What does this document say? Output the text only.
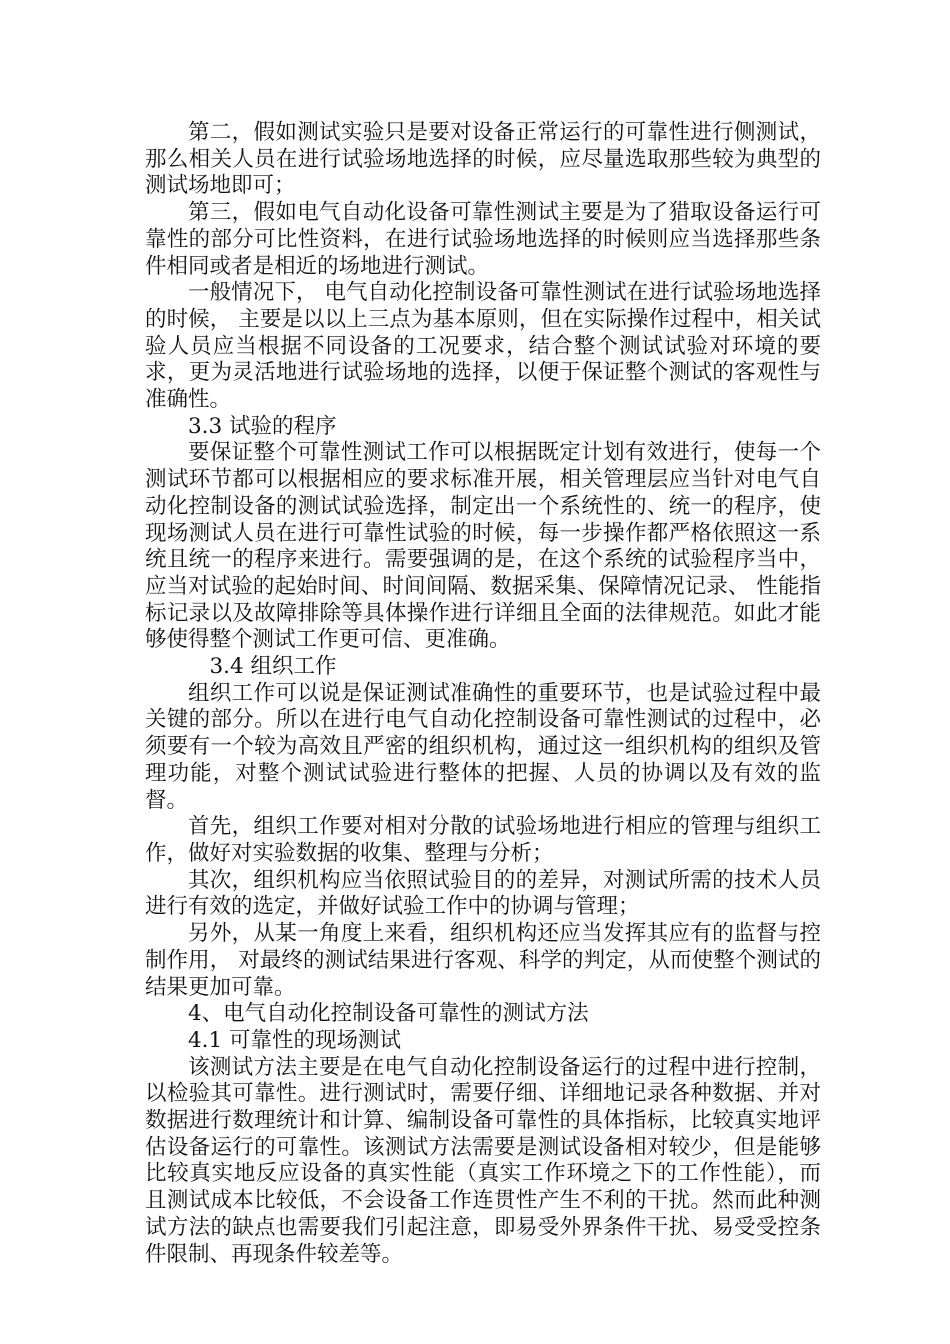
第二，假如测试实验只是要对设备正常运行的可靠性进行侧测试，那么相关人员在进行试验场地选择的时候，应尽量选取那些较为典型的测试场地即可；

第三，假如电气自动化设备可靠性测试主要是为了猎取设备运行可靠性的部分可比性资料，在进行试验场地选择的时候则应当选择那些条件相同或者是相近的场地进行测试。

一般情况下， 电气自动化控制设备可靠性测试在进行试验场地选择的时候， 主要是以以上三点为基本原则，但在实际操作过程中，相关试验人员应当根据不同设备的工况要求，结合整个测试试验对环境的要求，更为灵活地进行试验场地的选择，以便于保证整个测试的客观性与准确性。

3.3 试验的程序

要保证整个可靠性测试工作可以根据既定计划有效进行，使每一个测试环节都可以根据相应的要求标准开展，相关管理层应当针对电气自动化控制设备的测试试验选择，制定出一个系统性的、统一的程序，使现场测试人员在进行可靠性试验的时候，每一步操作都严格依照这一系统且统一的程序来进行。需要强调的是，在这个系统的试验程序当中，应当对试验的起始时间、时间间隔、数据采集、保障情况记录、 性能指标记录以及故障排除等具体操作进行详细且全面的法律规范。如此才能够使得整个测试工作更可信、更准确。

3.4 组织工作

组织工作可以说是保证测试准确性的重要环节，也是试验过程中最关键的部分。所以在进行电气自动化控制设备可靠性测试的过程中，必须要有一个较为高效且严密的组织机构，通过这一组织机构的组织及管理功能，对整个测试试验进行整体的把握、人员的协调以及有效的监督。

首先，组织工作要对相对分散的试验场地进行相应的管理与组织工作，做好对实验数据的收集、整理与分析；

其次，组织机构应当依照试验目的的差异，对测试所需的技术人员进行有效的选定，并做好试验工作中的协调与管理；

另外，从某一角度上来看，组织机构还应当发挥其应有的监督与控制作用， 对最终的测试结果进行客观、科学的判定，从而使整个测试的结果更加可靠。

4、电气自动化控制设备可靠性的测试方法

4.1 可靠性的现场测试

该测试方法主要是在电气自动化控制设备运行的过程中进行控制，以检验其可靠性。进行测试时，需要仔细、详细地记录各种数据、并对数据进行数理统计和计算、编制设备可靠性的具体指标，比较真实地评估设备运行的可靠性。该测试方法需要是测试设备相对较少，但是能够比较真实地反应设备的真实性能（真实工作环境之下的工作性能），而且测试成本比较低，不会设备工作连贯性产生不利的干扰。然而此种测试方法的缺点也需要我们引起注意，即易受外界条件干扰、易受受控条件限制、再现条件较差等。
